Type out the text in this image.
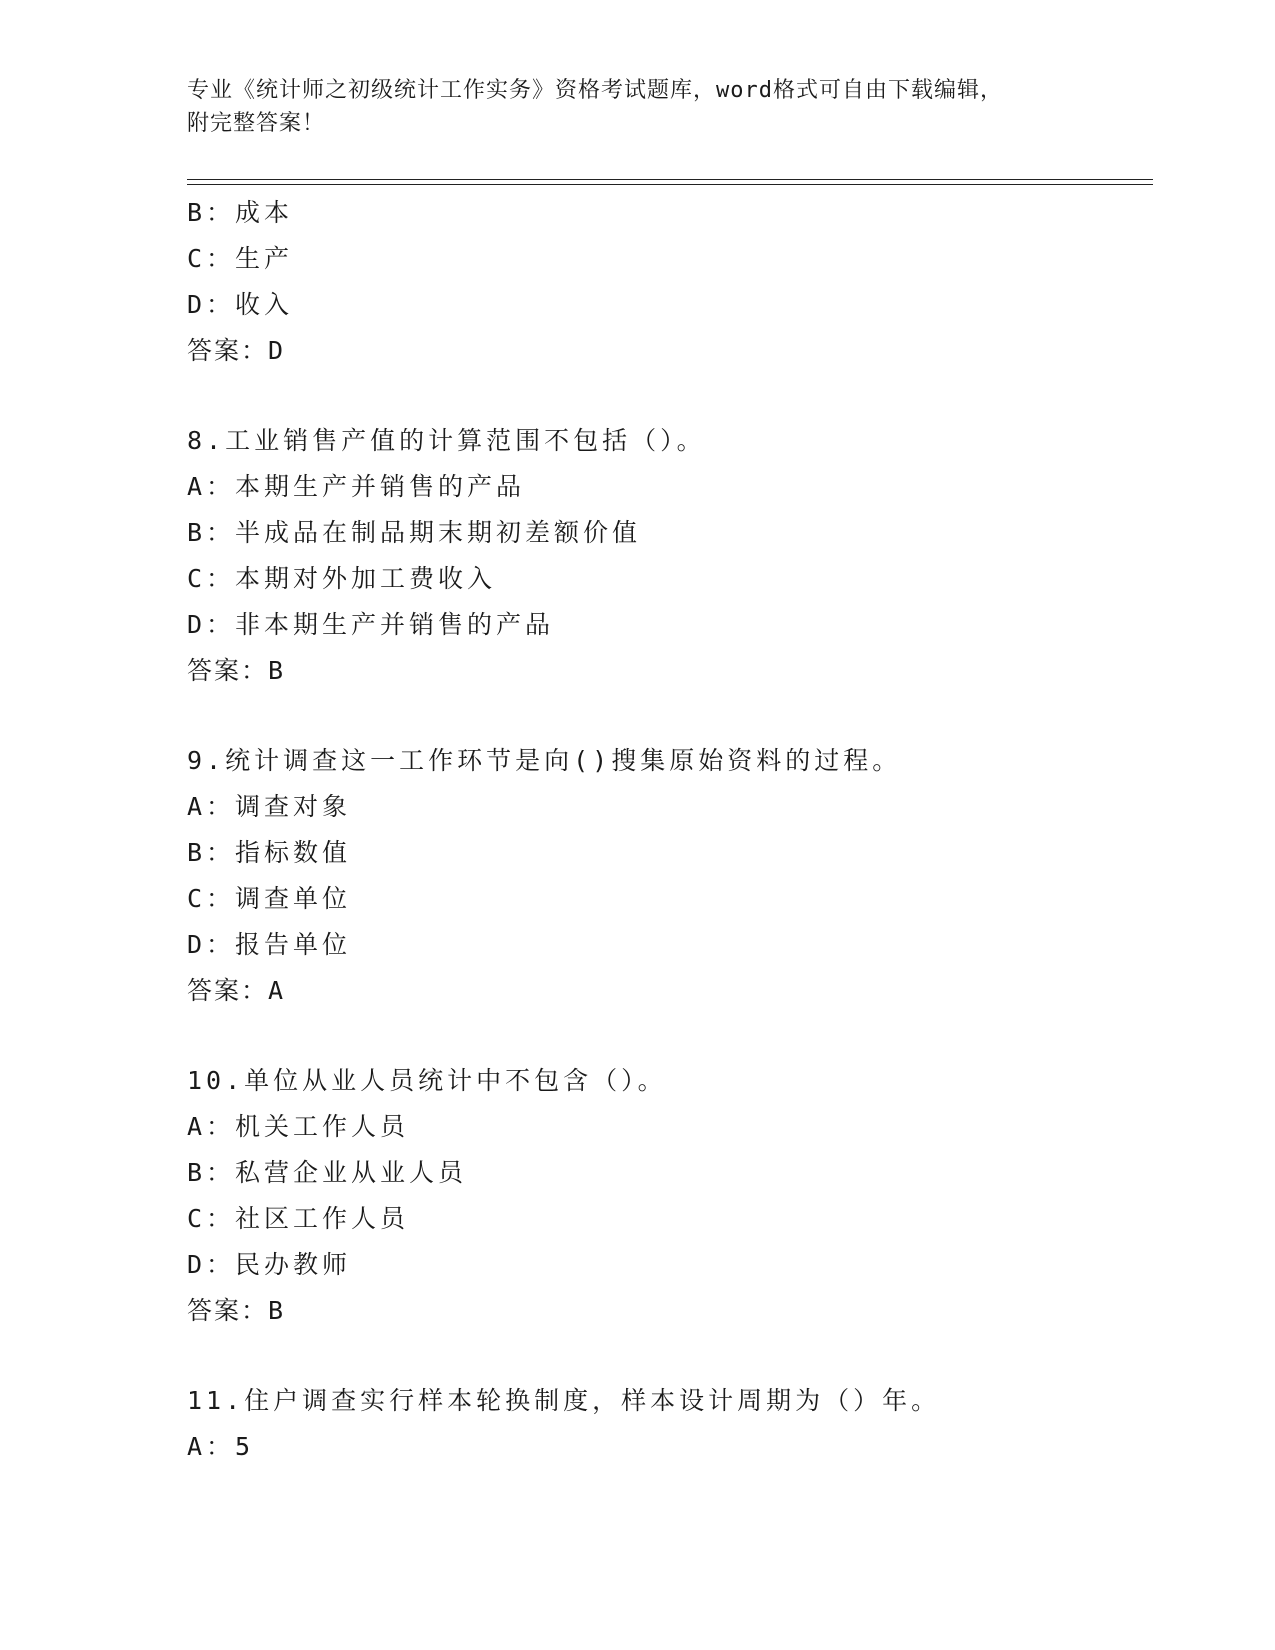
专业《统计师之初级统计工作实务》资格考试题库，word格式可自由下载编辑，
附完整答案！
B：成本
C：生产
D：收入
答案：D
8.工业销售产值的计算范围不包括（）。
A：本期生产并销售的产品
B：半成品在制品期末期初差额价值
C：本期对外加工费收入
D：非本期生产并销售的产品
答案：B
9.统计调查这一工作环节是向()搜集原始资料的过程。
A：调查对象
B：指标数值
C：调查单位
D：报告单位
答案：A
10.单位从业人员统计中不包含（）。
A：机关工作人员
B：私营企业从业人员
C：社区工作人员
D：民办教师
答案：B
11.住户调查实行样本轮换制度，样本设计周期为（）年。
A：5
